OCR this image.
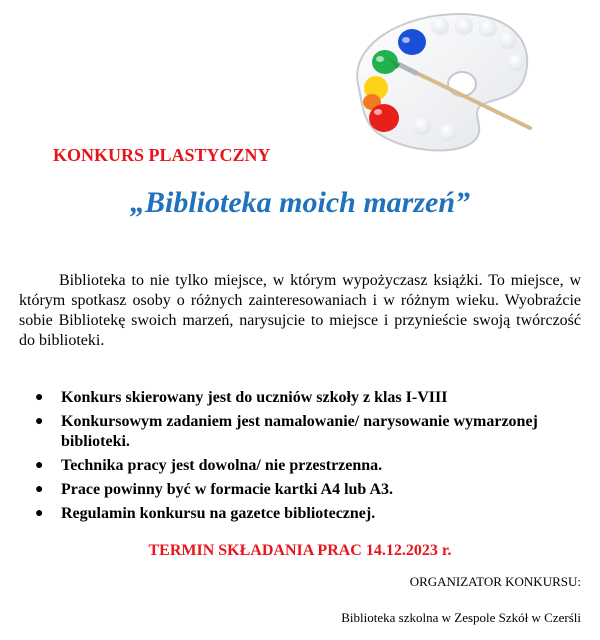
KONKURS PLASTYCZNY
„Biblioteka moich marzeń”

Biblioteka to nie tylko miejsce, w którym wypożyczasz książki. To miejsce, w którym spotkasz osoby o różnych zainteresowaniach i w różnym wieku. Wyobraźcie sobie Bibliotekę swoich marzeń, narysujcie to miejsce i przynieście swoją twórczość do biblioteki.

● Konkurs skierowany jest do uczniów szkoły z klas I-VIII
● Konkursowym zadaniem jest namalowanie/ narysowanie wymarzonej biblioteki.
● Technika pracy jest dowolna/ nie przestrzenna.
● Prace powinny być w formacie kartki A4 lub A3.
● Regulamin konkursu na gazetce bibliotecznej.
TERMIN SKŁADANIA PRAC 14.12.2023 r.
ORGANIZATOR KONKURSU:
Biblioteka szkolna w Zespole Szkół w Czerśli
